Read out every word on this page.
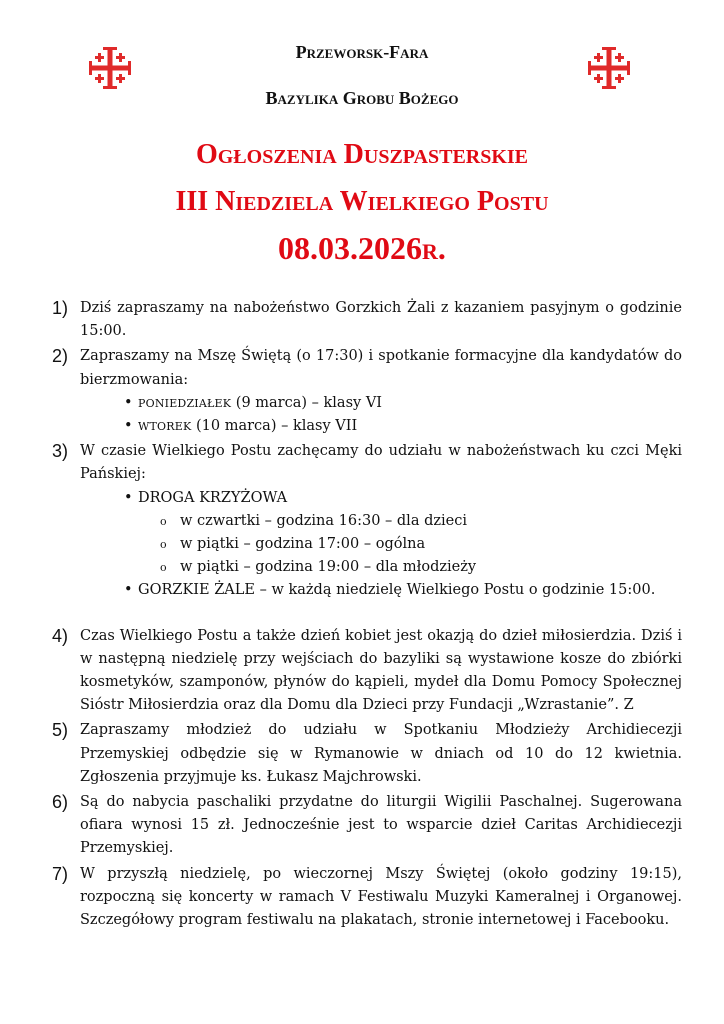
Przeworsk-Fara
Bazylika Grobu Bożego
Ogłoszenia Duszpasterskie
III Niedziela Wielkiego Postu
08.03.2026r.
1) Dziś zapraszamy na nabożeństwo Gorzkich Żali z kazaniem pasyjnym o godzinie 15:00.
2) Zapraszamy na Mszę Świętą (o 17:30) i spotkanie formacyjne dla kandydatów do bierzmowania:
• PONIEDZIAŁEK (9 marca) – klasy VI
• WTOREK (10 marca) – klasy VII
3) W czasie Wielkiego Postu zachęcamy do udziału w nabożeństwach ku czci Męki Pańskiej:
• DROGA KRZYŻOWA
o w czwartki – godzina 16:30 – dla dzieci
o w piątki – godzina 17:00 – ogólna
o w piątki – godzina 19:00 – dla młodzieży
• GORZKIE ŻALE – w każdą niedzielę Wielkiego Postu o godzinie 15:00.
4) Czas Wielkiego Postu a także dzień kobiet jest okazją do dzieł miłosierdzia. Dziś i w następną niedzielę przy wejściach do bazyliki są wystawione kosze do zbiórki kosmetyków, szamponów, płynów do kąpieli, mydeł dla Domu Pomocy Społecznej Sióstr Miłosierdzia oraz dla Domu dla Dzieci przy Fundacji „Wzrastanie”. Z
5) Zapraszamy młodzież do udziału w Spotkaniu Młodzieży Archidiecezji Przemyskiej odbędzie się w Rymanowie w dniach od 10 do 12 kwietnia. Zgłoszenia przyjmuje ks. Łukasz Majchrowski.
6) Są do nabycia paschaliki przydatne do liturgii Wigilii Paschalnej. Sugerowana ofiara wynosi 15 zł. Jednocześnie jest to wsparcie dzieł Caritas Archidiecezji Przemyskiej.
7) W przyszłą niedzielę, po wieczornej Mszy Świętej (około godziny 19:15), rozpoczną się koncerty w ramach V Festiwalu Muzyki Kameralnej i Organowej. Szczegółowy program festiwalu na plakatach, stronie internetowej i Facebooku.
